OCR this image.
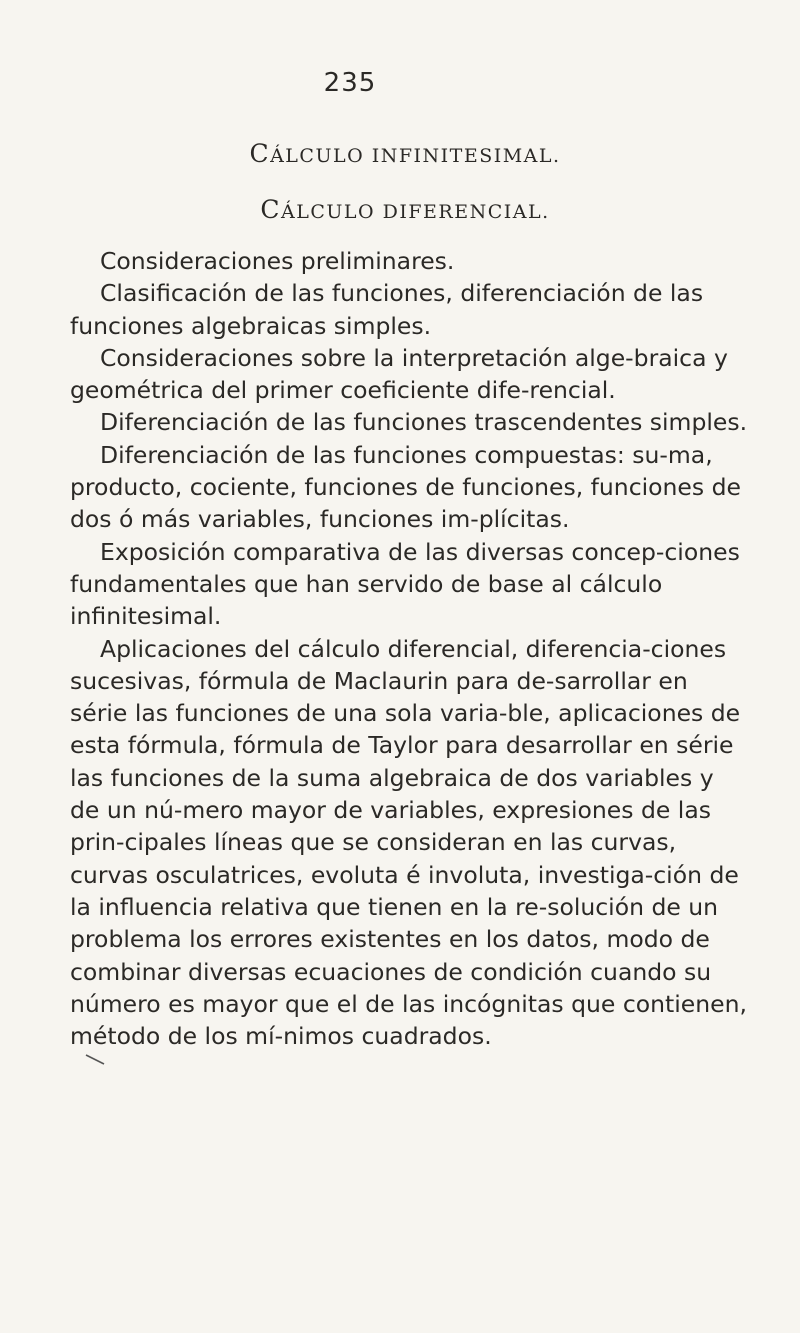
235
CÁLCULO INFINITESIMAL.
CÁLCULO DIFERENCIAL.

Consideraciones preliminares.

Clasificación de las funciones, diferenciación de las funciones algebraicas simples.

Consideraciones sobre la interpretación alge-braica y geométrica del primer coeficiente dife-rencial.

Diferenciación de las funciones trascendentes simples.

Diferenciación de las funciones compuestas: su-ma, producto, cociente, funciones de funciones, funciones de dos ó más variables, funciones im-plícitas.

Exposición comparativa de las diversas concep-ciones fundamentales que han servido de base al cálculo infinitesimal.

Aplicaciones del cálculo diferencial, diferencia-ciones sucesivas, fórmula de Maclaurin para de-sarrollar en série las funciones de una sola varia-ble, aplicaciones de esta fórmula, fórmula de Taylor para desarrollar en série las funciones de la suma algebraica de dos variables y de un nú-mero mayor de variables, expresiones de las prin-cipales líneas que se consideran en las curvas, curvas osculatrices, evoluta é involuta, investiga-ción de la influencia relativa que tienen en la re-solución de un problema los errores existentes en los datos, modo de combinar diversas ecuaciones de condición cuando su número es mayor que el de las incógnitas que contienen, método de los mí-nimos cuadrados.
